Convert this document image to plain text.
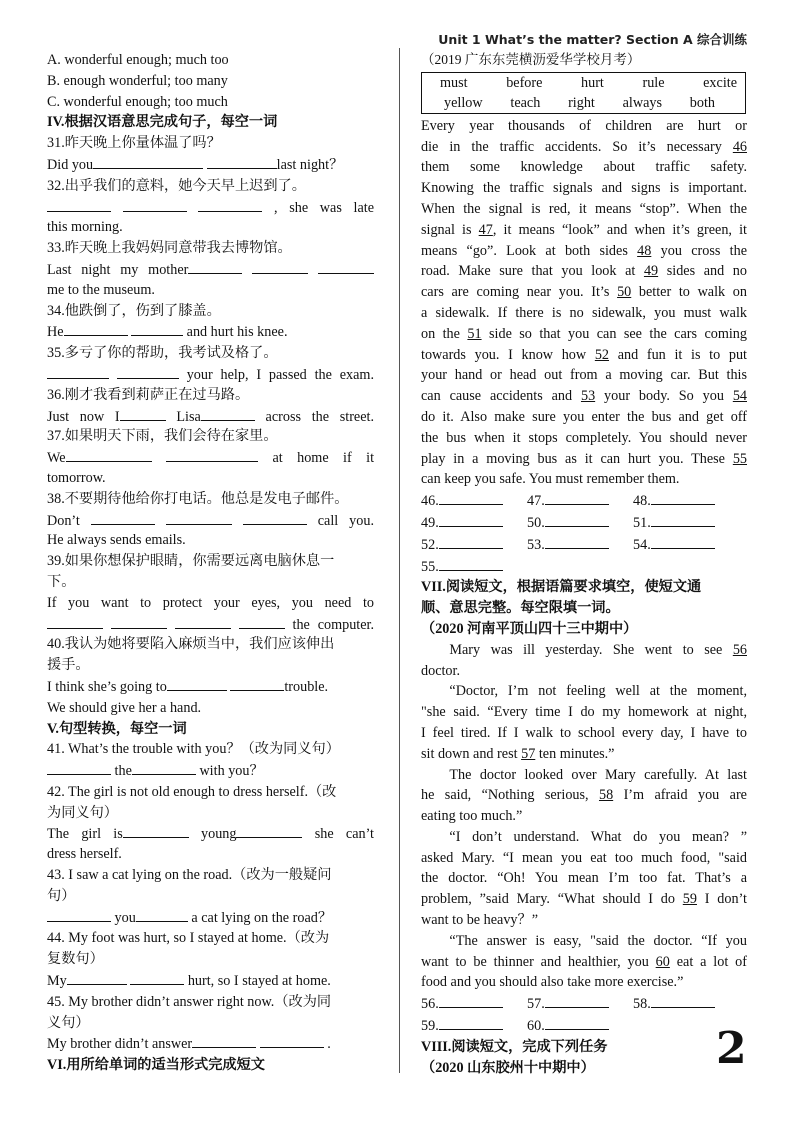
A. wonderful enough; much too
B. enough wonderful; too many
C. wonderful enough; too much
IV.根据汉语意思完成句子，每空一词
31.昨天晚上你量体温了吗？
Did you	last night？
32.出乎我们的意料，她今天早上迟到了。
, she was late
this morning.
33.昨天晚上我妈妈同意带我去博物馆。
Last night my mother
me to the museum.
34.他跌倒了，伤到了膝盖。
He	and hurt his knee.
35.多亏了你的帮助，我考试及格了。
your help, I passed the exam.
36.刚才我看到莉萨正在过马路。
Just now I	Lisa	across the street.
37.如果明天下雨，我们会待在家里。
We	at home if it
tomorrow.
38.不要期待他给你打电话。他总是发电子邮件。
Don’t	call you.
He always sends emails.
39.如果你想保护眼睛，你需要远离电脑休息一
下。
If you want to protect your eyes, you need to
the computer.
40.我认为她将要陷入麻烦当中，我们应该伸出
援手。
I think she’s going to	trouble.
We should give her a hand.
V.句型转换，每空一词
41. What’s the trouble with you？（改为同义句）
the	with you？
42. The girl is not old enough to dress herself.（改
为同义句）
The girl is	young	she can’t
dress herself.
43. I saw a cat lying on the road.（改为一般疑问
句）
you	a cat lying on the road？
44. My foot was hurt, so I stayed at home.（改为
复数句）
My	hurt, so I stayed at home.
45. My brother didn’t answer right now.（改为同
义句）
My brother didn’t answer	.
VI.用所给单词的适当形式完成短文
Unit 1 What’s the matter? Section A 综合训练
（2019 广东东莞横沥爱华学校月考）
must	before	hurt	rule	excite
yellow teach right always both
Every year thousands of children are hurt or
die in the traffic accidents. So it’s necessary 46
them some knowledge about traffic safety.
Knowing the traffic signals and signs is important.
When the signal is red, it means “stop”. When the
signal is 47, it means “look” and when it’s green, it
means “go”. Look at both sides 48 you cross the
road. Make sure that you look at 49 sides and no
cars are coming near you. It’s 50 better to walk on
a sidewalk. If there is no sidewalk, you must walk
on the 51 side so that you can see the cars coming
towards you. I know how 52 and fun it is to put
your hand or head out from a moving car. But this
can cause accidents and 53 your body. So you 54
do it. Also make sure you enter the bus and get off
the bus when it stops completely. You should never
play in a moving bus as it can hurt you. These 55
can keep you safe. You must remember them.
46.	47.	48.
49.	50.	51.
52.	53.	54.
55.
VII.阅读短文，根据语篇要求填空，使短文通
顺、意思完整。每空限填一词。
（2020 河南平顶山四十三中期中）
Mary was ill yesterday. She went to see 56
doctor.
“Doctor, I’m not feeling well at the moment,
"she said. “Every time I do my homework at night,
I feel tired. If I walk to school every day, I have to
sit down and rest 57 ten minutes.”
The doctor looked over Mary carefully. At last
he said, “Nothing serious, 58 I’m afraid you are
eating too much.”
“I don’t understand. What do you mean? ”
asked Mary. “I mean you eat too much food, "said
the doctor. “Oh! You mean I’m too fat. That’s a
problem, ”said Mary. “What should I do 59 I don’t
want to be heavy？”
“The answer is easy, "said the doctor. “If you
want to be thinner and healthier, you 60 eat a lot of
food and you should also take more exercise.”
56.	57.	58.
59.	60.
VIII.阅读短文，完成下列任务
（2020 山东胶州十中期中）	2
